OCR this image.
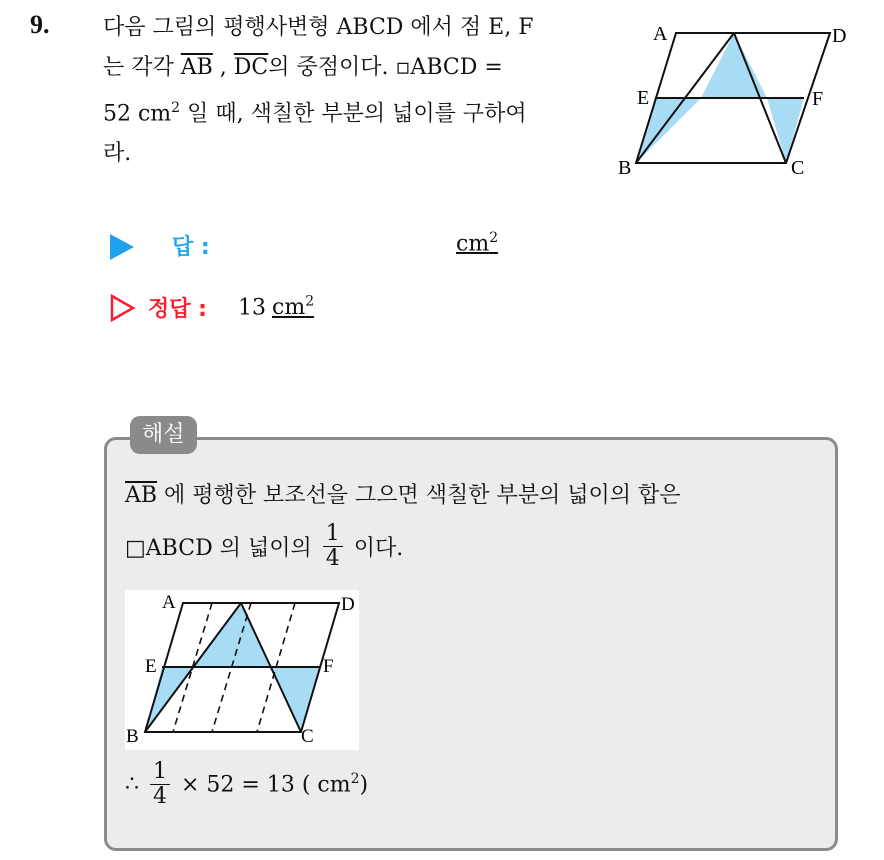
9. 다음 그림의 평행사변형 ABCD 에서 점 E, F
는 각각 $\overline{AB}$ , $\overline{DC}$의 중점이다. ▫ABCD =
52 $cm^2$ 일 때, 색칠한 부분의 넓이를 구하여
라.
A	D
E	F
B	C
답 :	$cm^2$
정답 : 13 $cm^2$
해설
$\overline{AB}$ 에 평행한 보조선을 그으면 색칠한 부분의 넓이의 합은
□ABCD 의 넓이의 $\frac{1}{4}$ 이다.
A	D
E	F
B	C
∴ $\frac{1}{4} \times 52 = 13$ ( $cm^2$)
